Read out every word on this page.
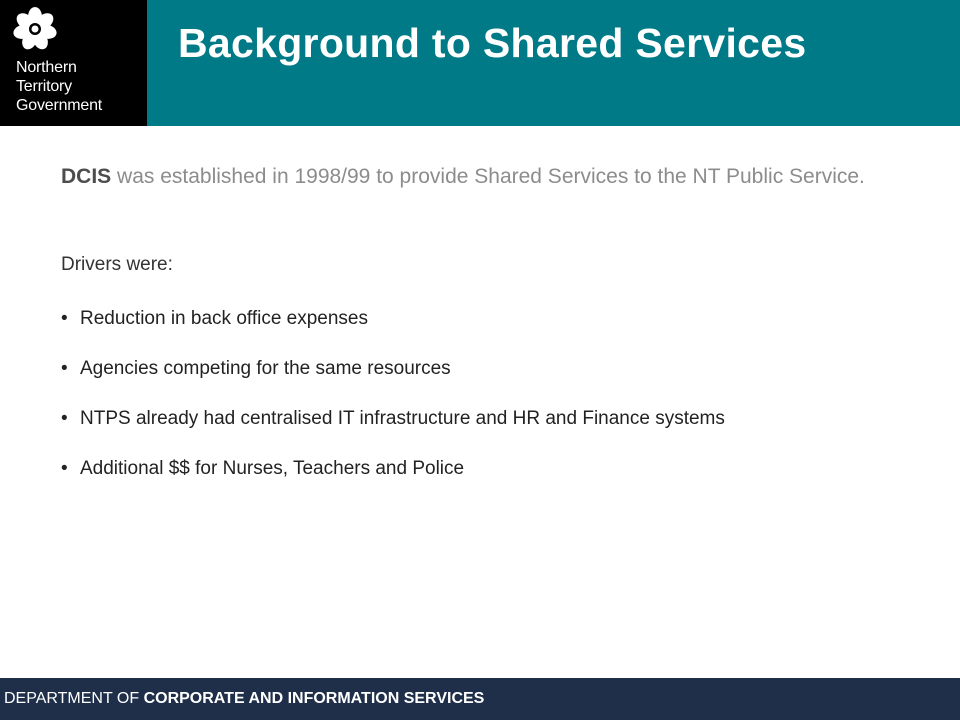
Northern
Territory
Government
Background to Shared Services

DCIS was established in 1998/99 to provide Shared Services to the NT Public Service.

Drivers were:
• Reduction in back office expenses
• Agencies competing for the same resources
• NTPS already had centralised IT infrastructure and HR and Finance systems
• Additional $$ for Nurses, Teachers and Police
DEPARTMENT OF CORPORATE AND INFORMATION SERVICES
